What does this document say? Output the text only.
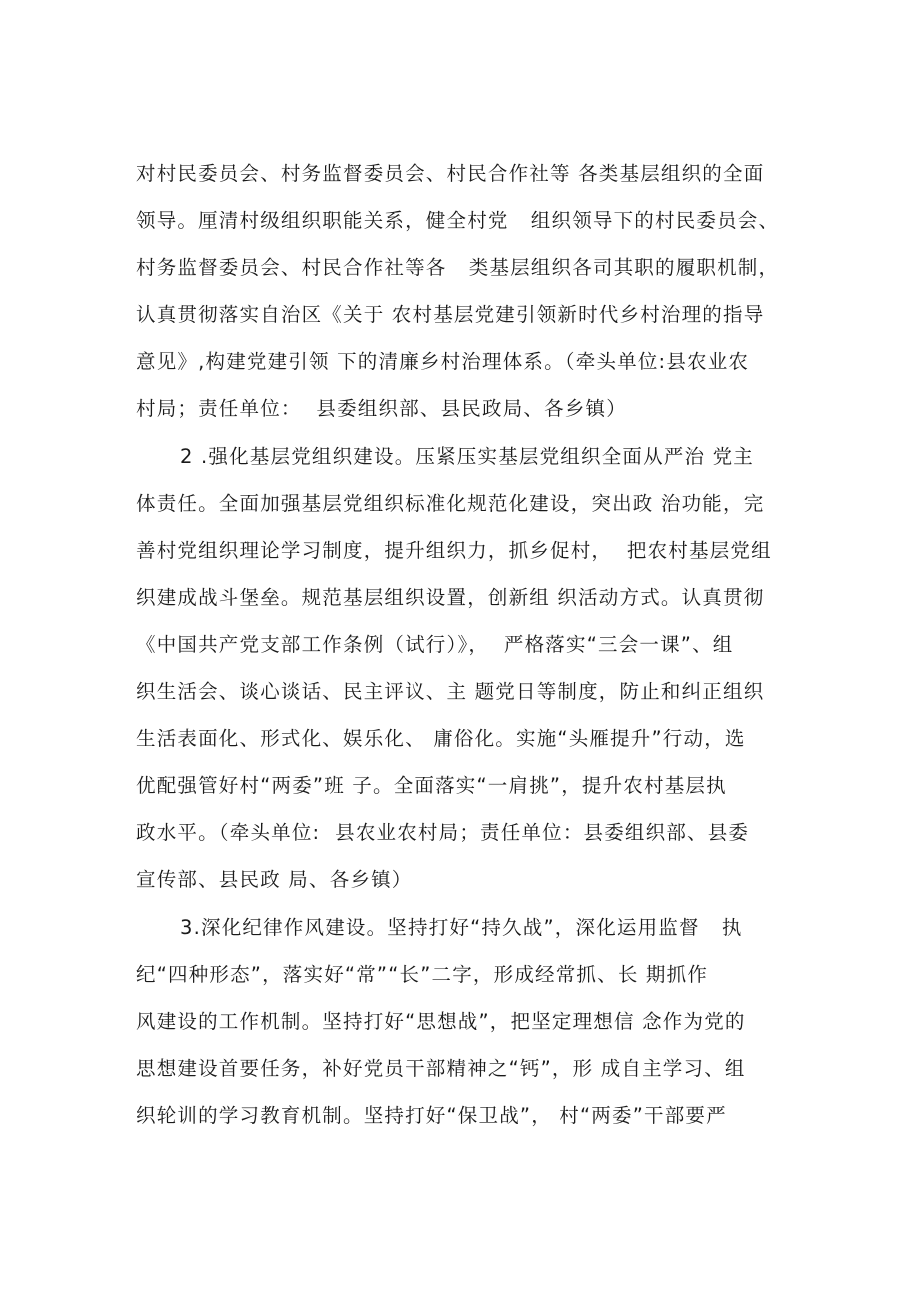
对村民委员会、村务监督委员会、村民合作社等 各类基层组织的全面
领导。厘清村级组织职能关系，健全村党   组织领导下的村民委员会、
村务监督委员会、村民合作社等各   类基层组织各司其职的履职机制，
认真贯彻落实自治区《关于 农村基层党建引领新时代乡村治理的指导
意见》,构建党建引领 下的清廉乡村治理体系。（牵头单位:县农业农
村局；责任单位：  县委组织部、县民政局、各乡镇）
2 .强化基层党组织建设。压紧压实基层党组织全面从严治 党主
体责任。全面加强基层党组织标准化规范化建设，突出政 治功能，完
善村党组织理论学习制度，提升组织力，抓乡促村，  把农村基层党组
织建成战斗堡垒。规范基层组织设置，创新组 织活动方式。认真贯彻
《中国共产党支部工作条例（试行）》，  严格落实“三会一课”、组
织生活会、谈心谈话、民主评议、主 题党日等制度，防止和纠正组织
生活表面化、形式化、娱乐化、 庸俗化。实施“头雁提升”行动，选
优配强管好村“两委”班 子。全面落实“一肩挑”，提升农村基层执
政水平。（牵头单位:  县农业农村局；责任单位：县委组织部、县委
宣传部、县民政 局、各乡镇）
3.深化纪律作风建设。坚持打好“持久战”，深化运用监督   执
纪“四种形态”，落实好“常”“长”二字，形成经常抓、长 期抓作
风建设的工作机制。坚持打好“思想战”，把坚定理想信 念作为党的
思想建设首要任务，补好党员干部精神之“钙”，形 成自主学习、组
织轮训的学习教育机制。坚持打好“保卫战”， 村“两委”干部要严
